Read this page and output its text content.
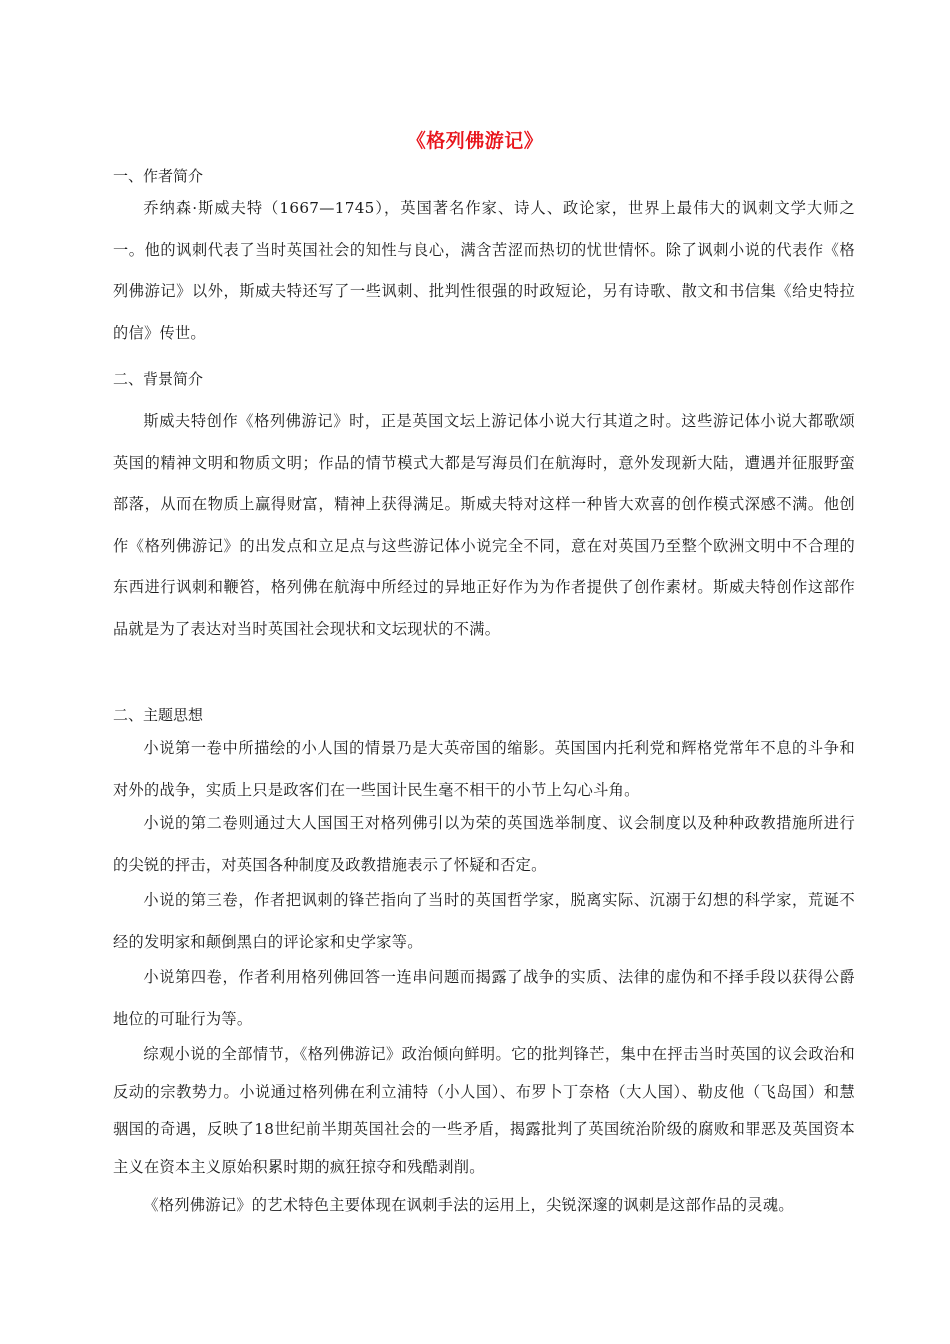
《格列佛游记》
一、作者简介

乔纳森·斯威夫特（1667—1745），英国著名作家、诗人、政论家，世界上最伟大的讽刺文学大师之一。他的讽刺代表了当时英国社会的知性与良心，满含苦涩而热切的忧世情怀。除了讽刺小说的代表作《格列佛游记》以外，斯威夫特还写了一些讽刺、批判性很强的时政短论，另有诗歌、散文和书信集《给史特拉的信》传世。

二、背景简介

斯威夫特创作《格列佛游记》时，正是英国文坛上游记体小说大行其道之时。这些游记体小说大都歌颂英国的精神文明和物质文明；作品的情节模式大都是写海员们在航海时，意外发现新大陆，遭遇并征服野蛮部落，从而在物质上赢得财富，精神上获得满足。斯威夫特对这样一种皆大欢喜的创作模式深感不满。他创作《格列佛游记》的出发点和立足点与这些游记体小说完全不同，意在对英国乃至整个欧洲文明中不合理的东西进行讽刺和鞭笞，格列佛在航海中所经过的异地正好作为为作者提供了创作素材。斯威夫特创作这部作品就是为了表达对当时英国社会现状和文坛现状的不满。

二、主题思想

小说第一卷中所描绘的小人国的情景乃是大英帝国的缩影。英国国内托利党和辉格党常年不息的斗争和对外的战争，实质上只是政客们在一些国计民生毫不相干的小节上勾心斗角。

小说的第二卷则通过大人国国王对格列佛引以为荣的英国选举制度、议会制度以及种种政教措施所进行的尖锐的抨击，对英国各种制度及政教措施表示了怀疑和否定。

小说的第三卷，作者把讽刺的锋芒指向了当时的英国哲学家，脱离实际、沉溺于幻想的科学家，荒诞不经的发明家和颠倒黑白的评论家和史学家等。

小说第四卷，作者利用格列佛回答一连串问题而揭露了战争的实质、法律的虚伪和不择手段以获得公爵地位的可耻行为等。

综观小说的全部情节，《格列佛游记》政治倾向鲜明。它的批判锋芒，集中在抨击当时英国的议会政治和反动的宗教势力。小说通过格列佛在利立浦特（小人国）、布罗卜丁奈格（大人国）、勒皮他（飞岛国）和慧骃国的奇遇，反映了18世纪前半期英国社会的一些矛盾，揭露批判了英国统治阶级的腐败和罪恶及英国资本主义在资本主义原始积累时期的疯狂掠夺和残酷剥削。

《格列佛游记》的艺术特色主要体现在讽刺手法的运用上，尖锐深邃的讽刺是这部作品的灵魂。
